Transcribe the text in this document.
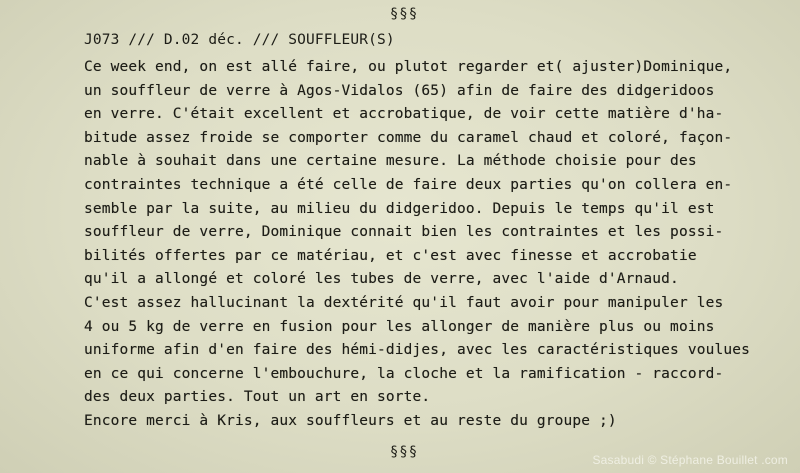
§§§
J073 /// D.02 déc. /// SOUFFLEUR(S)
Ce week end, on est allé faire, ou plutot regarder et( ajuster)Dominique,
un souffleur de verre à Agos-Vidalos (65) afin de faire des didgeridoos
en verre. C'était excellent et accrobatique, de voir cette matière d'ha-
bitude assez froide se comporter comme du caramel chaud et coloré, façon-
nable à souhait dans une certaine mesure. La méthode choisie pour des
contraintes technique a été celle de faire deux parties qu'on collera en-
semble par la suite, au milieu du didgeridoo. Depuis le temps qu'il est
souffleur de verre, Dominique connait bien les contraintes et les possi-
bilités offertes par ce matériau, et c'est avec finesse et accrobatie
qu'il a allongé et coloré les tubes de verre, avec l'aide d'Arnaud.
C'est assez hallucinant la dextérité qu'il faut avoir pour manipuler les
4 ou 5 kg de verre en fusion pour les allonger de manière plus ou moins
uniforme afin d'en faire des hémi-didjes, avec les caractéristiques voulues
en ce qui concerne l'embouchure, la cloche et la ramification - raccord-
des deux parties. Tout un art en sorte.
Encore merci à Kris, aux souffleurs et au reste du groupe ;)
§§§	Sasabudi © Stéphane Bouillet .com
